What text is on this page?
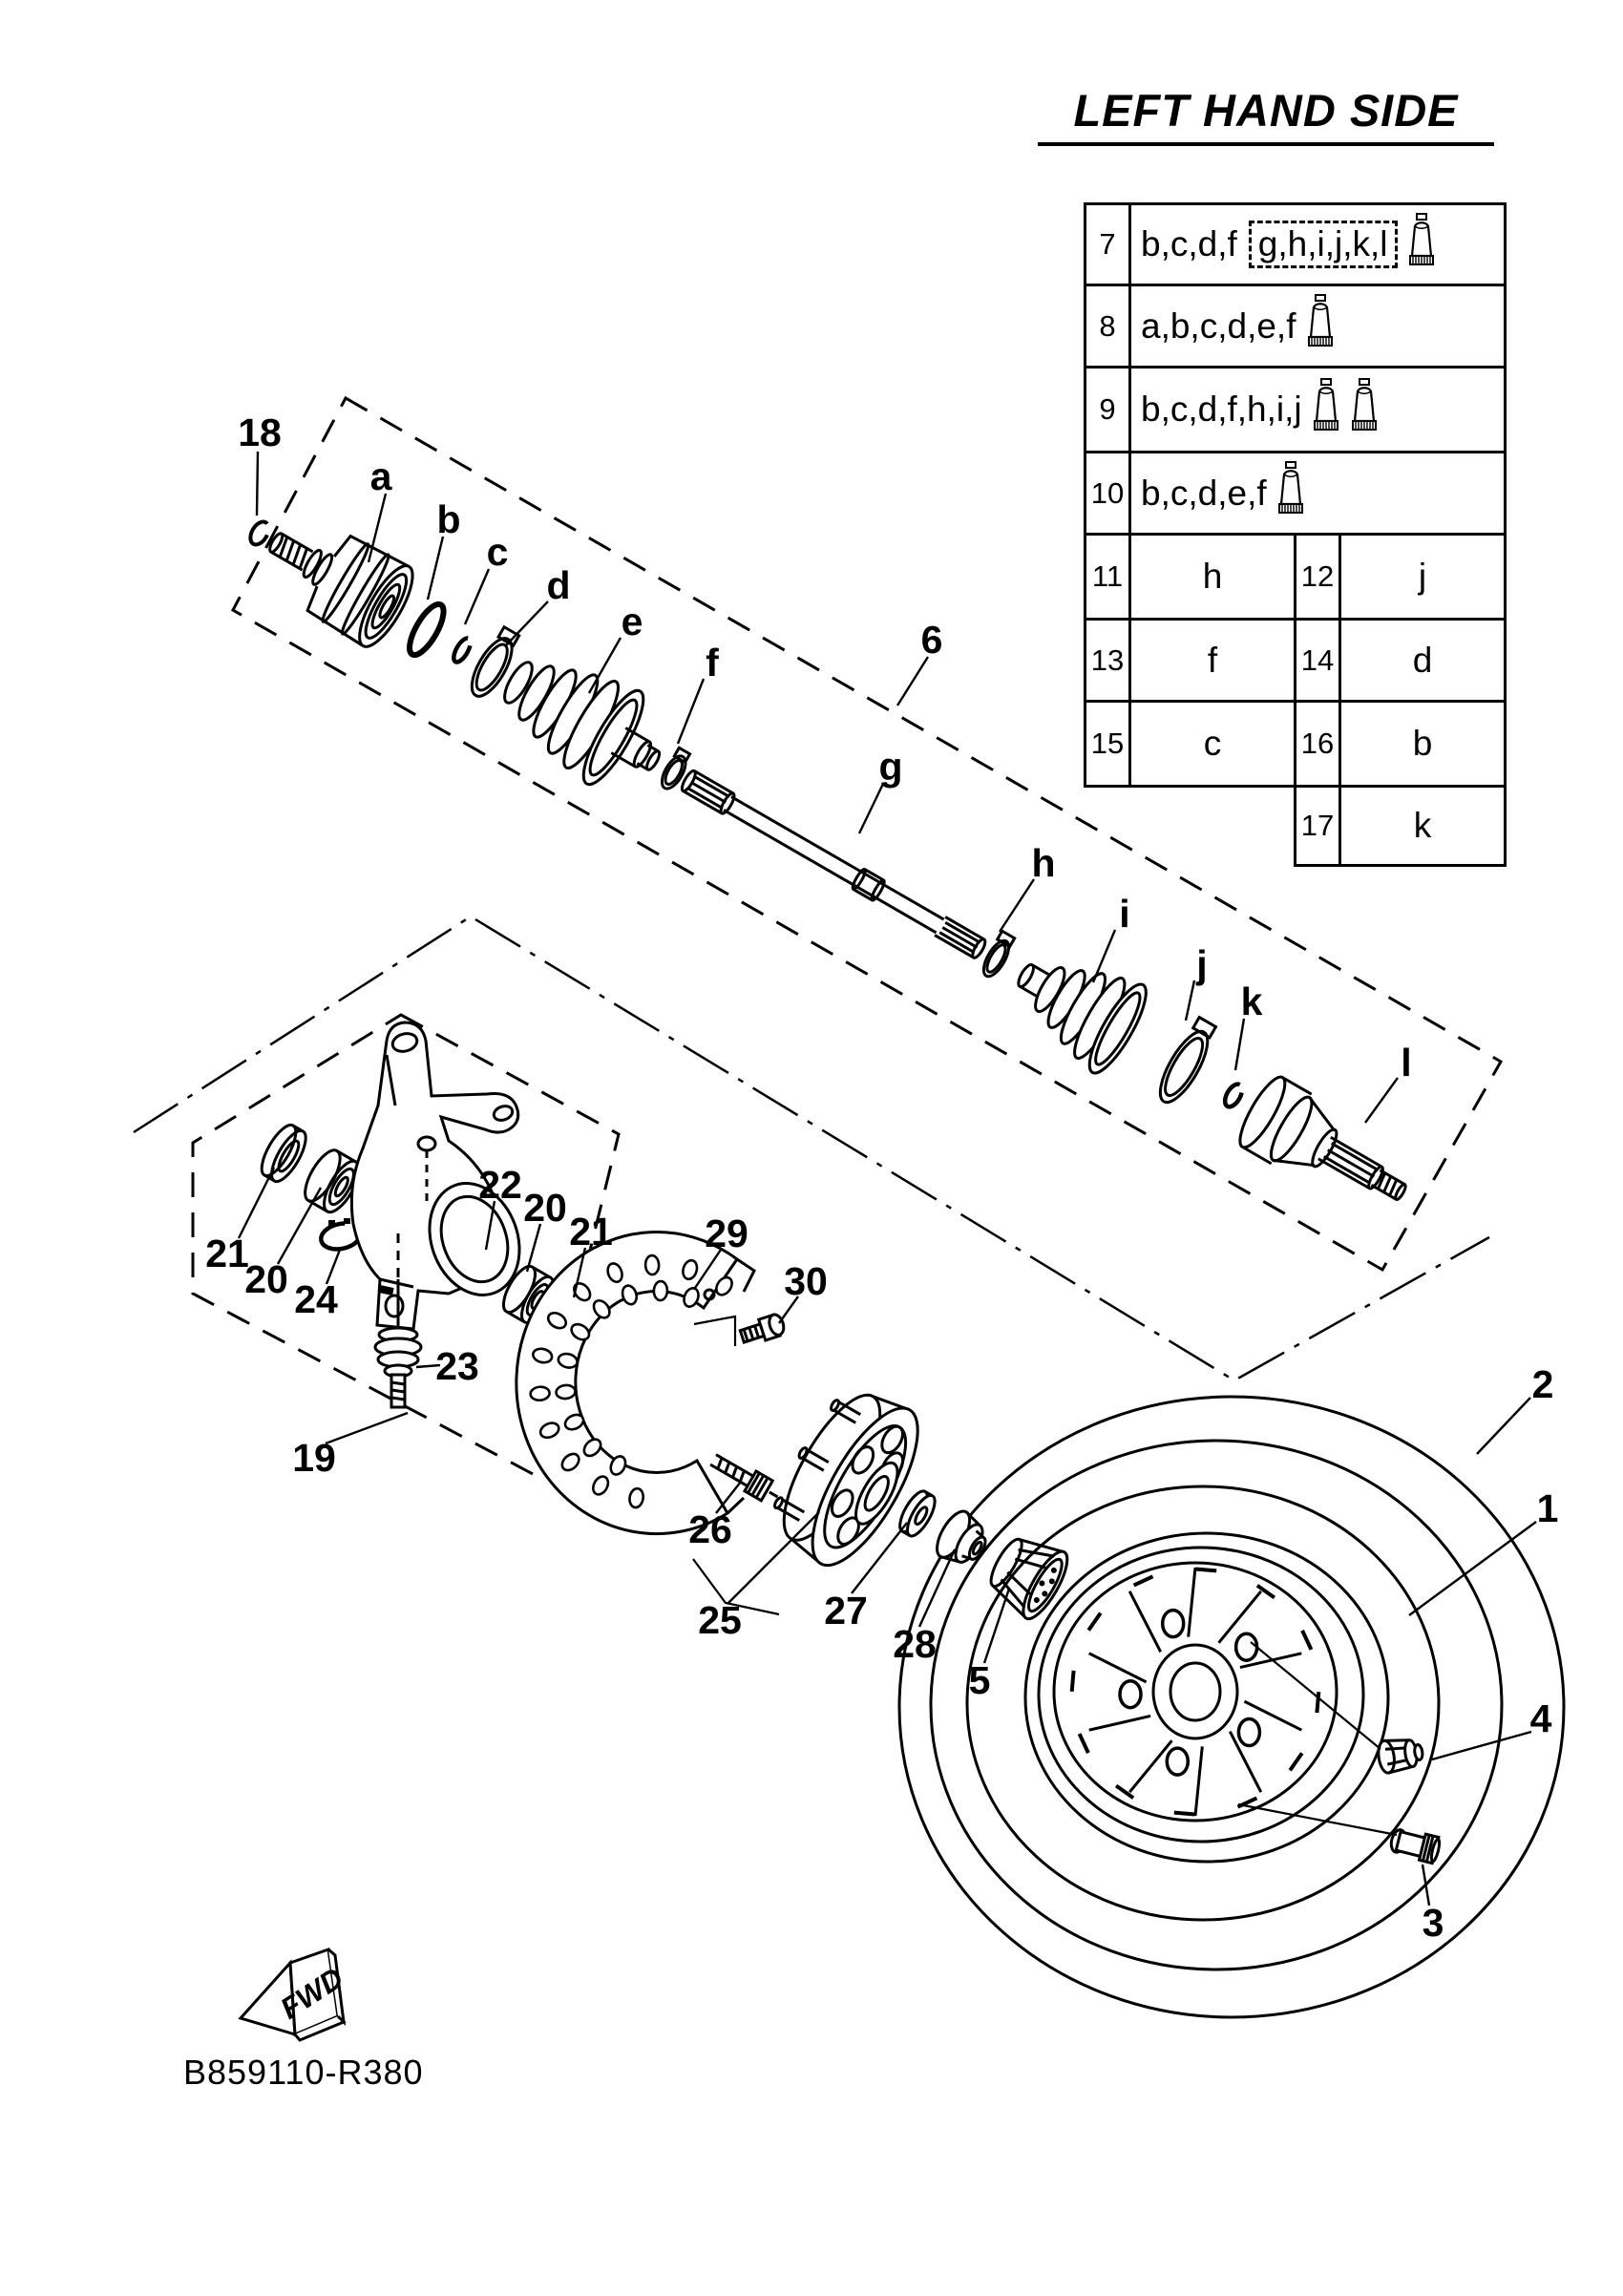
FWD
18
a
b
c
d
e
f
6
g
h
i
j
k
l
21
20 24
22
20
21
23
19
29
30
26
25 27
28
5
2
1
4
3
LEFT HAND SIDE
7 b,c,d,f g,h,i,j,k,l
8 a,b,c,d,e,f
9 b,c,d,f,h,i,j
10 b,c,d,e,f
11 h	12 j
13 f	14 d
15 c	16 b
17 k
B859110-R380
